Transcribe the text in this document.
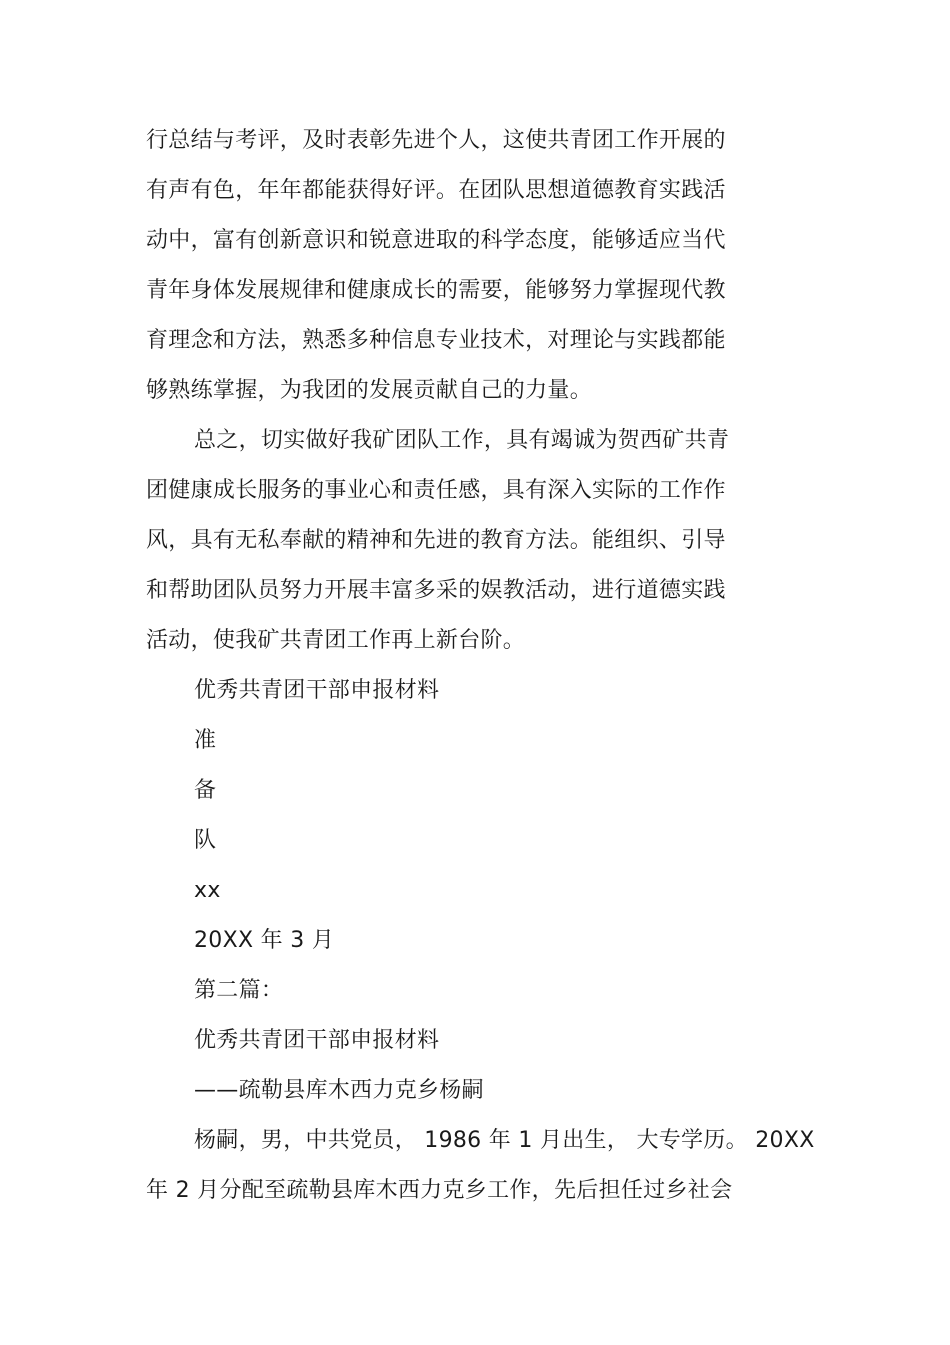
行总结与考评，及时表彰先进个人，这使共青团工作开展的
有声有色，年年都能获得好评。在团队思想道德教育实践活
动中，富有创新意识和锐意进取的科学态度，能够适应当代
青年身体发展规律和健康成长的需要，能够努力掌握现代教
育理念和方法，熟悉多种信息专业技术，对理论与实践都能
够熟练掌握，为我团的发展贡献自己的力量。
总之，切实做好我矿团队工作，具有竭诚为贺西矿共青
团健康成长服务的事业心和责任感，具有深入实际的工作作
风，具有无私奉献的精神和先进的教育方法。能组织、引导
和帮助团队员努力开展丰富多采的娱教活动，进行道德实践
活动，使我矿共青团工作再上新台阶。
优秀共青团干部申报材料
准
备
队
xx
20XX 年 3 月
第二篇：
优秀共青团干部申报材料
——疏勒县库木西力克乡杨嗣
杨嗣，男，中共党员， 1986 年 1 月出生， 大专学历。 20XX
年 2 月分配至疏勒县库木西力克乡工作，先后担任过乡社会
